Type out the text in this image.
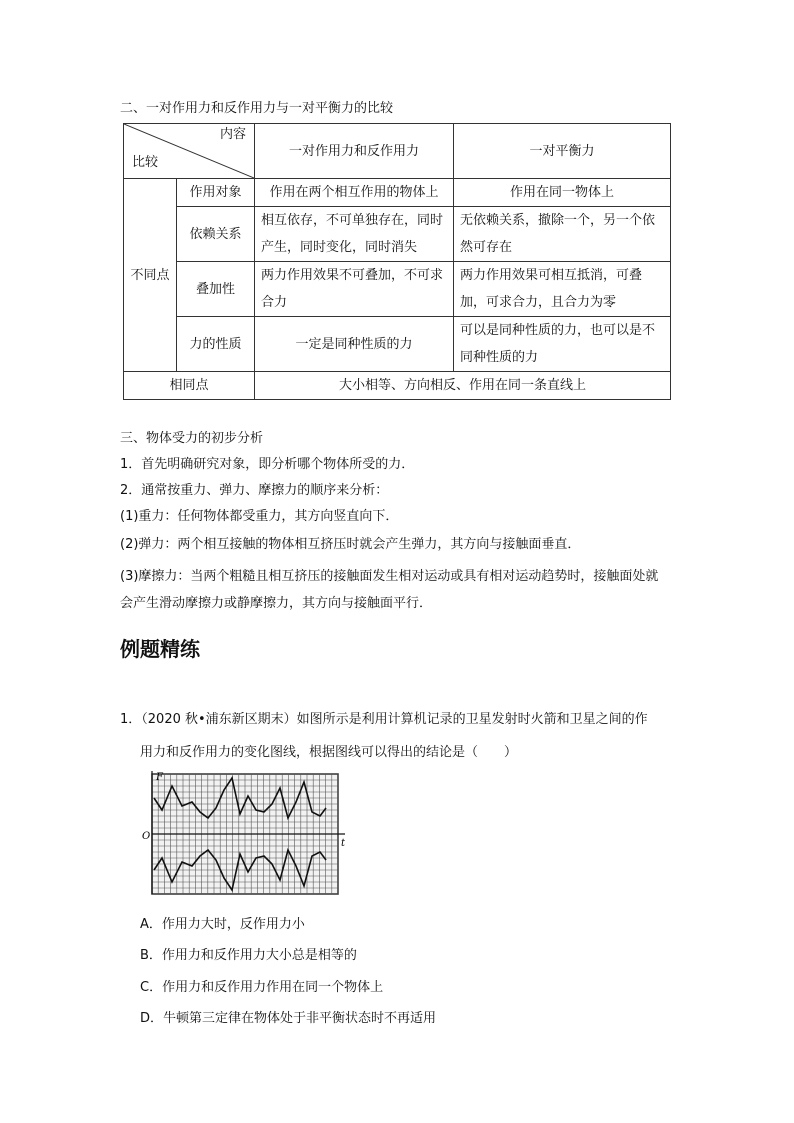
二、一对作用力和反作用力与一对平衡力的比较
内容
比较		一对作用力和反作用力	一对平衡力
不同点	作用对象	作用在两个相互作用的物体上	作用在同一物体上
	依赖关系	相互依存，不可单独存在，同时产生，同时变化，同时消失	无依赖关系，撤除一个，另一个依然可存在
	叠加性	两力作用效果不可叠加，不可求合力	两力作用效果可相互抵消，可叠加，可求合力，且合力为零
	力的性质	一定是同种性质的力	可以是同种性质的力，也可以是不同种性质的力
相同点		大小相等、方向相反、作用在同一条直线上	
三、物体受力的初步分析
1．首先明确研究对象，即分析哪个物体所受的力．
2．通常按重力、弹力、摩擦力的顺序来分析：
(1)重力：任何物体都受重力，其方向竖直向下．
(2)弹力：两个相互接触的物体相互挤压时就会产生弹力，其方向与接触面垂直．
(3)摩擦力：当两个粗糙且相互挤压的接触面发生相对运动或具有相对运动趋势时，接触面处就会产生滑动摩擦力或静摩擦力，其方向与接触面平行．
例题精练
1．（2020 秋•浦东新区期末）如图所示是利用计算机记录的卫星发射时火箭和卫星之间的作
用力和反作用力的变化图线，根据图线可以得出的结论是（　　）
F
t
O
A．作用力大时，反作用力小
B．作用力和反作用力大小总是相等的
C．作用力和反作用力作用在同一个物体上
D．牛顿第三定律在物体处于非平衡状态时不再适用
